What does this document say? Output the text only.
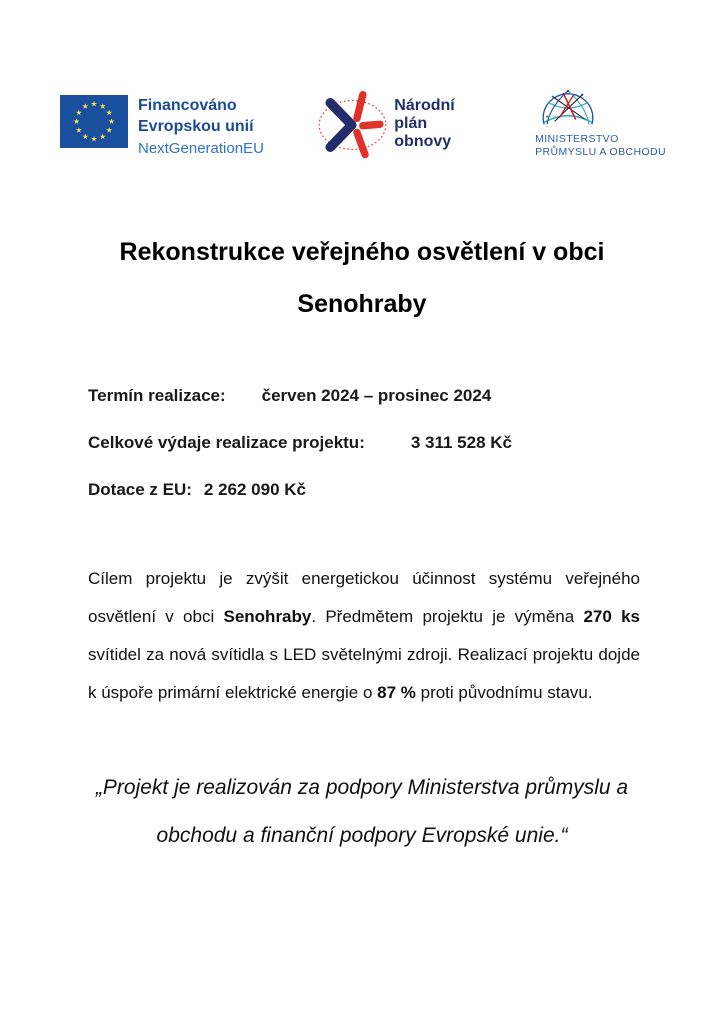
Financováno
Evropskou unií
NextGenerationEU
Národní
plán
obnovy	MINISTERSTVO
PRŮMYSLU A OBCHODU
Rekonstrukce veřejného osvětlení v obci Senohraby
Termín realizace: červen 2024 – prosinec 2024
Celkové výdaje realizace projektu:	3 311 528 Kč
Dotace z EU: 2 262 090 Kč

Cílem projektu je zvýšit energetickou účinnost systému veřejného osvětlení v obci Senohraby. Předmětem projektu je výměna 270 ks svítidel za nová svítidla s LED světelnými zdroji. Realizací projektu dojde k úspoře primární elektrické energie o 87 % proti původnímu stavu.

„Projekt je realizován za podpory Ministerstva průmyslu a obchodu a finanční podpory Evropské unie.“
